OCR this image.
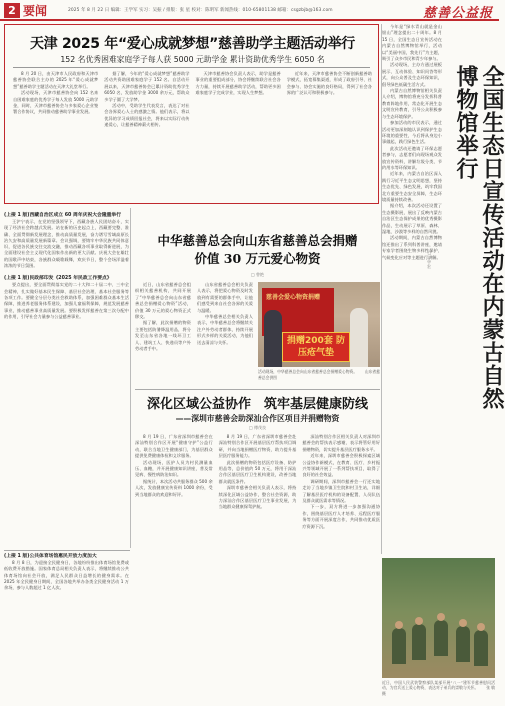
2 要闻	2025 年 8 月 22 日 编辑：王学军 实习：吴振 / 排版：张 星 校对：陈明军 新闻热线：010-65801138 邮箱：csgzbjb@163.com	慈善公益报
天津 2025 年“爱心成就梦想”慈善助学主题活动举行
152 名优秀困难家庭学子每人获 5000 元助学金 累计资助优秀学生 6050 名

8 月 20 日，由天津市人民政府和天津市慈善协会联合主办的 2025 年“爱心成就梦想”慈善助学主题活动在天津大礼堂举行。

活动现场，天津市慈善协会向 152 名来自困难家庭的优秀学子每人发放 5000 元助学金，同时，天津市慈善协会与多家爱心企业签署合作协议，共同推动慈善助学事业发展。

据了解，今年的“爱心成就梦想”慈善助学活动共资助困难家庭学子 152 名。自活动开展以来，天津市慈善协会已累计资助优秀学生 6050 名，发放助学金 3000 余万元，帮助众多学子圆了大学梦。

活动中，受助学生代表发言，表达了对社会各界爱心人士的感激之情。他们表示，将以优异的学习成绩回报社会，将来以实际行动传递爱心，让慈善精神薪火相传。

天津市慈善协会负责人表示，助学是慈善事业的重要组成部分，协会将继续联合社会各方力量，持续开展慈善助学活动，帮助更多困难家庭学子完成学业，实现人生梦想。

近年来，天津市慈善协会不断创新慈善助学模式，拓宽募集渠道，形成了政府引导、社会参与、协会实施的良好格局，得到了社会各界的广泛认可和积极参与。

今年是“绿水青山就是金山银山”理念提出二十周年。8 月 15 日，全国生态日宣传活动在内蒙古自然博物馆举行，活动以“美丽中国，我先行”为主题，吸引了众多市民和青少年参与。

活动现场，主办方通过展板展示、互动体验、知识问答等形式，向公众普及生态环保知识，倡导绿色低碳生活方式。

内蒙古自然博物馆相关负责人介绍，博物馆将充分发挥科普教育阵地作用，常态化开展生态文明宣传教育，引导公众积极参与生态环境保护。

参加活动的市民表示，通过活动更加深刻地认识到保护生态环境的重要性，今后将从身边小事做起，践行绿色生活。

此次活动还邀请了环保志愿者参与，志愿者们向现场观众发放宣传资料，讲解垃圾分类、节约用水等环保知识。

近年来，内蒙古自治区深入践行习近平生态文明思想，坚持生态优先、绿色发展，筑牢我国北方重要生态安全屏障，生态环境质量持续改善。

据介绍，本次活动还设置了生态摄影展，展出了反映内蒙古自治区生态保护成果的优秀摄影作品，生动展示了草原、森林、湿地、沙漠等多样的自然风貌。

活动期间，内蒙古自然博物馆还推出了系列科普讲座，邀请专家学者围绕生物多样性保护、气候变化应对等主题进行讲解。	全国生态日宣传活动在内蒙古自然博物馆举行
□ 王宇宏
(上接 1 版)西藏自治区成立 60 周年庆祝大会隆重举行
王沪宁表示，在党的坚强领导下，西藏各族人民团结奋斗，实现了经济社会跨越式发展。站在新的历史起点上，西藏要完整、准确、全面贯彻新发展理念，推动高质量发展，奋力谱写雪域高原长治久安和高质量发展新篇章。会议强调，要铸牢中华民族共同体意识，促进各民族交往交流交融，推动西藏各项事业取得新进展，为全面建设社会主义现代化国家作出新的更大贡献。庆祝大会在雄壮的国歌声中结束，各族群众载歌载舞，欢庆节日，整个会场洋溢着浓浓的节日氛围。
(上接 1 版)民政部印发《2025 年民政工作要点》
要点提出，要全面贯彻落实党的二十大和二十届二中、三中全会精神，扎实做好基本民生保障、基层社会治理、基本社会服务等各项工作。要健全分层分类社会救助体系，加强困难群众基本生活保障，推进养老服务体系建设，加强儿童福利保障，规范发展慈善事业，推动慈善事业高质量发展。要积极发挥慈善在第三次分配中的作用，引导社会力量参与公益慈善事业。
中华慈善总会向山东省慈善总会捐赠
价值 30 万元爱心物资
□ 曾艳

近日，山东省慈善总会组织相关慈善机构，共同开展了“中华慈善总会向山东省慈善总会捐赠爱心物资”活动，价值 30 万元的爱心物资正式移交。

据了解，此次捐赠的物资主要包括防暑降温用品，将分发至山东省各地一线环卫工人、建筑工人、快递员等户外劳动者手中。

山东省慈善总会相关负责人表示，将把爱心物资及时发放到有需要的群体手中，让他们感受到来自社会各界的关爱与温暖。

中华慈善总会相关负责人表示，中华慈善总会将继续关注户外劳动者群体，持续开展形式多样的关爱活动，为他们送去清凉与关怀。

慈善会爱心物资捐赠
捐赠200套 防压疮气垫
活动现场，中华慈善总会向山东省慈善总会捐赠爱心物资。　　山东省慈善总会供图
深化区域公益协作　筑牢基层健康防线
——深圳市慈善会助深汕合作区项目并捐赠物资
□ 傅茂良
(上接 1 版)公共体育场馆惠民开放力度加大
8 月 8 日，为迎接全民健身日，各地纷纷推出体育场馆免费或低收费开放措施。国家体育总局相关负责人表示，将继续推动公共体育场馆向社会开放，满足人民群众日益增长的健身需求。在 2025 年全民健身日期间，全国各地共举办各类全民健身活动 1 万余场，参与人数超过 1 亿人次。

8 月 19 日，广东省深圳市慈善会在深汕特别合作区开展“健康守护”公益行动，联合当地卫生健康部门，为基层群众提供免费健康体检和义诊服务。

活动现场，医护人员为村民测量血压、血糖，并开展健康知识讲座，普及常见病、慢性病防治知识。

据统计，本次活动共服务群众 500 余人次，发放健康宣传资料 1000 余份，受到当地群众的欢迎和好评。

8 月 19 日，广东省深圳市慈善会赴深汕特别合作区开展基层医疗帮扶项目调研，并向当地捐赠医疗物资，助力提升基层医疗服务能力。

此次捐赠的物资包括医疗设备、防护用品等，总价值约 50 万元，将用于深汕合作区基层医疗卫生机构建设，改善当地群众就医条件。

深圳市慈善会相关负责人表示，将持续深化区域公益协作，整合社会资源，助力深汕合作区基层医疗卫生事业发展，为当地群众健康保驾护航。

深汕特别合作区相关负责人对深圳市慈善会的帮扶表示感谢，表示将管好用好捐赠物资，切实提升基层医疗服务水平。

近年来，深圳市慈善会积极探索区域公益协作新模式，在教育、医疗、乡村振兴等领域开展了一系列帮扶项目，取得了良好的社会效益。

调研期间，深圳市慈善会一行还实地走访了当地乡镇卫生院和村卫生站，详细了解基层医疗机构的设备配置、人员队伍及群众就医需求等情况。

下一步，双方将进一步加强沟通协作，围绕基层医疗人才培养、远程医疗服务等方面开展深度合作，共同推动优质医疗资源下沉。

近日，中国人民武装警察部队某部开展“八一”建军节慈善慰问活动，为官兵送上爱心物资，表达对子弟兵的崇敬与关怀。　　张 敏 摄
